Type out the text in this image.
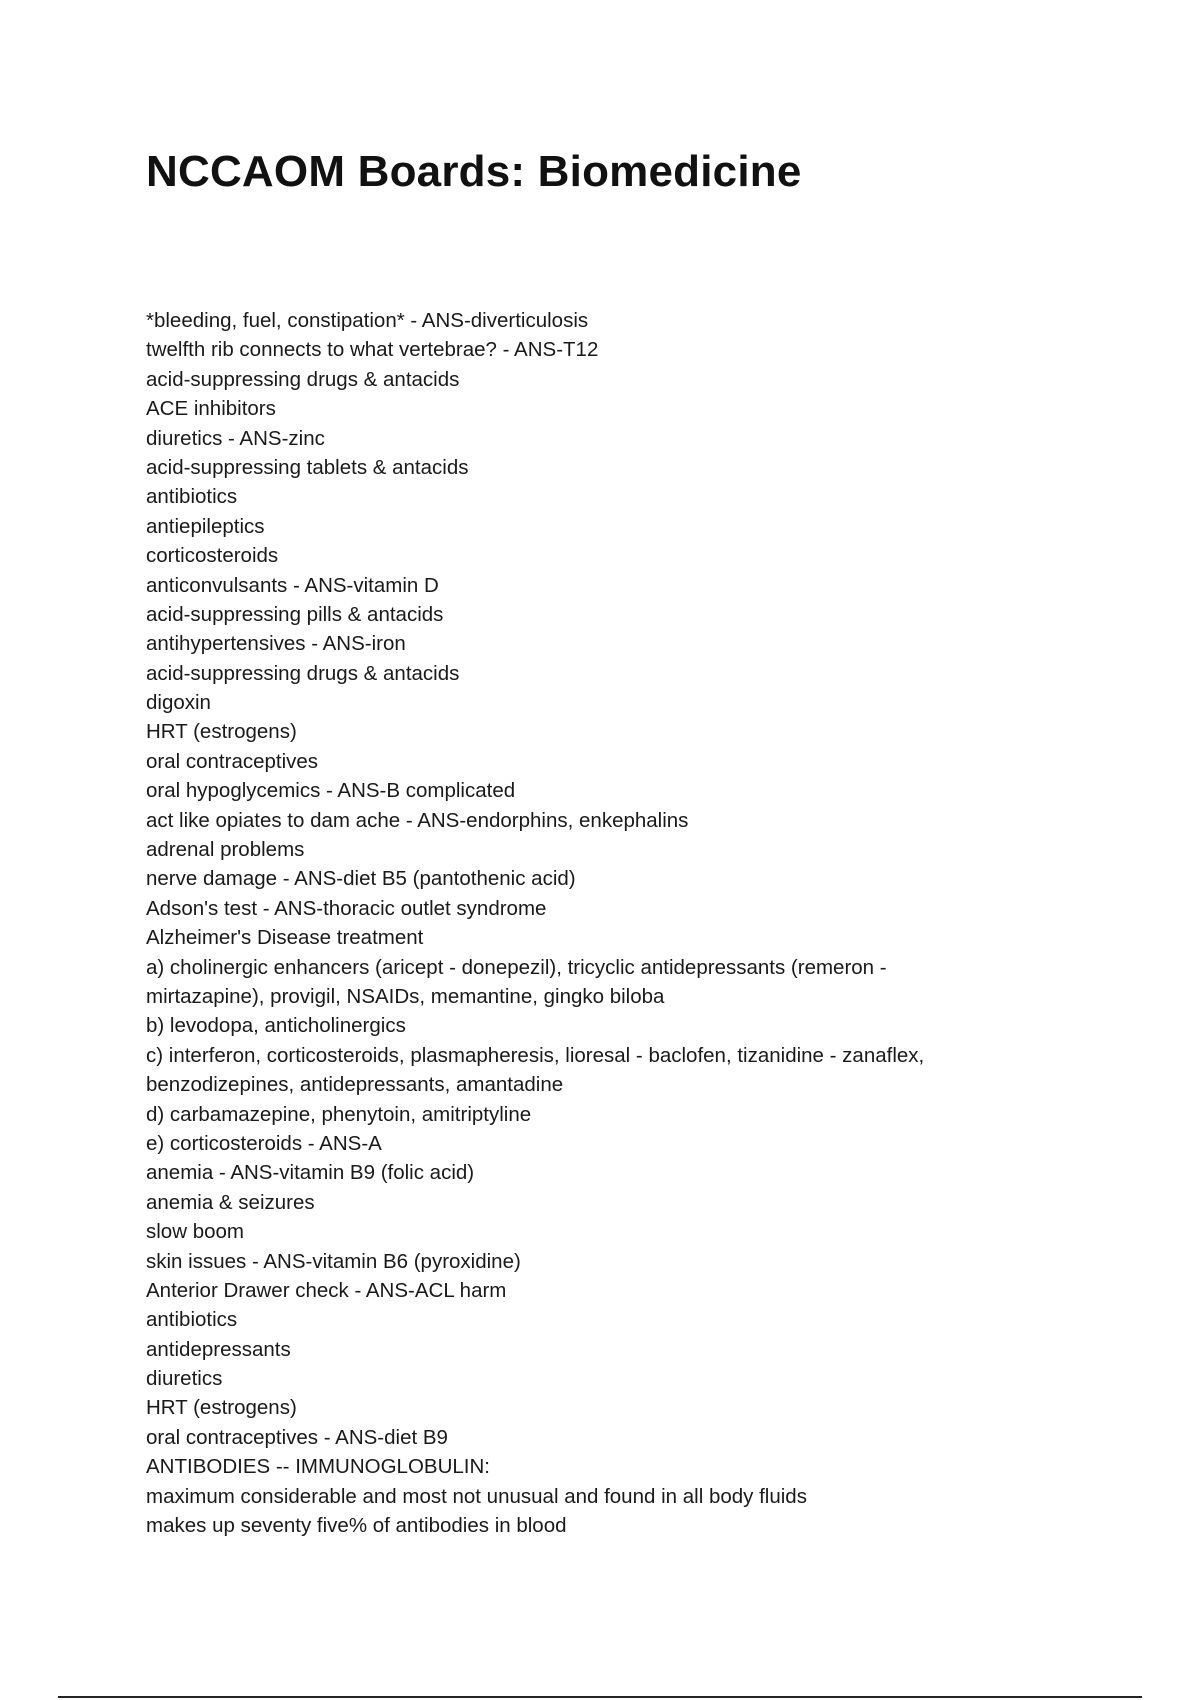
NCCAOM Boards: Biomedicine
*bleeding, fuel, constipation* - ANS-diverticulosis
twelfth rib connects to what vertebrae? - ANS-T12
acid-suppressing drugs & antacids
ACE inhibitors
diuretics - ANS-zinc
acid-suppressing tablets & antacids
antibiotics
antiepileptics
corticosteroids
anticonvulsants - ANS-vitamin D
acid-suppressing pills & antacids
antihypertensives - ANS-iron
acid-suppressing drugs & antacids
digoxin
HRT (estrogens)
oral contraceptives
oral hypoglycemics - ANS-B complicated
act like opiates to dam ache - ANS-endorphins, enkephalins
adrenal problems
nerve damage - ANS-diet B5 (pantothenic acid)
Adson's test - ANS-thoracic outlet syndrome
Alzheimer's Disease treatment
a) cholinergic enhancers (aricept - donepezil), tricyclic antidepressants (remeron -
mirtazapine), provigil, NSAIDs, memantine, gingko biloba
b) levodopa, anticholinergics
c) interferon, corticosteroids, plasmapheresis, lioresal - baclofen, tizanidine - zanaflex,
benzodizepines, antidepressants, amantadine
d) carbamazepine, phenytoin, amitriptyline
e) corticosteroids - ANS-A
anemia - ANS-vitamin B9 (folic acid)
anemia & seizures
slow boom
skin issues - ANS-vitamin B6 (pyroxidine)
Anterior Drawer check - ANS-ACL harm
antibiotics
antidepressants
diuretics
HRT (estrogens)
oral contraceptives - ANS-diet B9
ANTIBODIES -- IMMUNOGLOBULIN:
maximum considerable and most not unusual and found in all body fluids
makes up seventy five% of antibodies in blood
